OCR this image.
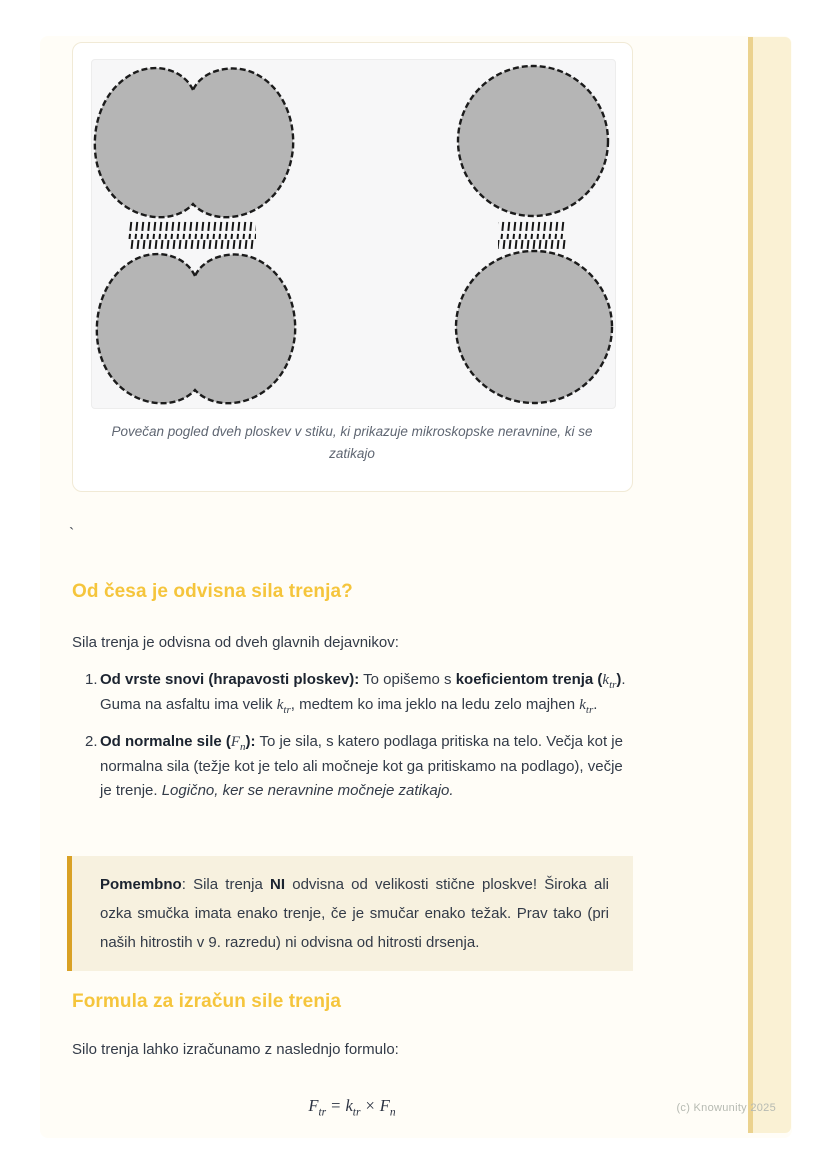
Povečan pogled dveh ploskev v stiku, ki prikazuje mikroskopske neravnine, ki se zatikajo
`
Od česa je odvisna sila trenja?
Sila trenja je odvisna od dveh glavnih dejavnikov:
1. Od vrste snovi (hrapavosti ploskev): To opišemo s koeficientom trenja $(k_{tr})$. Guma na asfaltu ima velik $k_{tr}$, medtem ko ima jeklo na ledu zelo majhen $k_{tr}$.
2. Od normalne sile $(F_n)$: To je sila, s katero podlaga pritiska na telo. Večja kot je normalna sila (težje kot je telo ali močneje kot ga pritiskamo na podlago), večje je trenje. Logično, ker se neravnine močneje zatikajo.
Pomembno: Sila trenja NI odvisna od velikosti stične ploskve! Široka ali ozka smučka imata enako trenje, če je smučar enako težak. Prav tako (pri naših hitrostih v 9. razredu) ni odvisna od hitrosti drsenja.
Formula za izračun sile trenja
Silo trenja lahko izračunamo z naslednjo formulo:
$F_{tr} = k_{tr} \times F_n$	(c) Knowunity 2025
